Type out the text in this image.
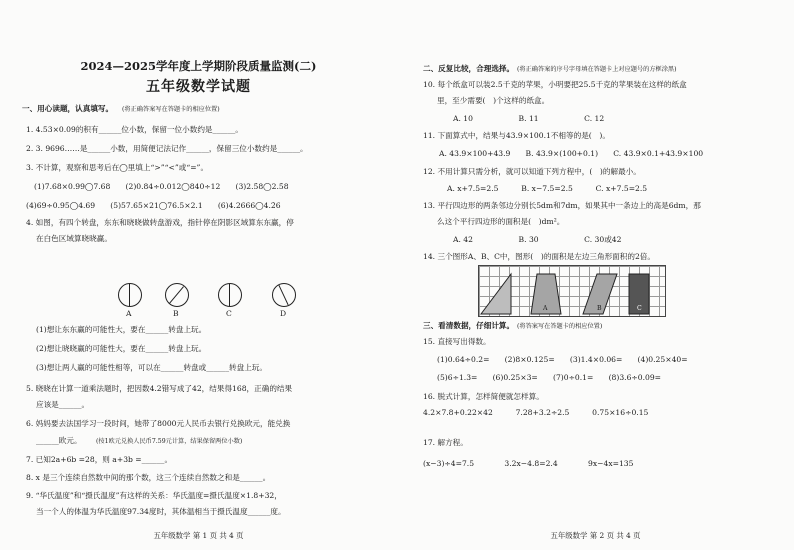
2024—2025学年度上学期阶段质量监测(二)
五年级数学试题
一、用心读题，认真填写。 (将正确答案写在答题卡的相应位置)
1. 4.53×0.09的积有______位小数，保留一位小数约是______。
2. 3. 9696……是______小数，用简便记法记作______，保留三位小数约是______。
3. 不计算，观察和思考后在◯里填上“>”“<”或“=”。
(1)7.68×0.99◯7.68　　(2)0.84÷0.012◯840÷12　　(3)2.5̇8◯2.5̇8
(4)69÷0.95◯4.69　　(5)57.65×21◯76.5×2.1　　(6)4.2666◯4.2̇6
4. 如图，有四个转盘，东东和晓晓做转盘游戏，指针停在阴影区域算东东赢，停
在白色区域算晓晓赢。
A	B	C	D
(1)想让东东赢的可能性大，要在______转盘上玩。
(2)想让晓晓赢的可能性大，要在______转盘上玩。
(3)想让两人赢的可能性相等，可以在______转盘或______转盘上玩。
5. 晓晓在计算一道乘法题时，把因数4.2错写成了42，结果得168，正确的结果
应该是______。
6. 妈妈要去法国学习一段时间，她带了8000元人民币去银行兑换欧元，能兑换
______欧元。 (按1欧元兑换人民币7.59元计算，结果保留两位小数)
7. 已知2a+6b =28，则 a+3b =______。
8. x 是三个连续自然数中间的那个数，这三个连续自然数之和是______。
9. “华氏温度”和“摄氏温度”有这样的关系：华氏温度=摄氏温度×1.8+32，
当一个人的体温为华氏温度97.34度时，其体温相当于摄氏温度______度。
五年级数学 第 1 页 共 4 页
二、反复比较，合理选择。 (将正确答案的序号字母填在答题卡上对应题号的方框涂黑)
10. 每个纸盒可以装2.5千克的苹果，小明要把25.5千克的苹果装在这样的纸盒
里，至少需要(　)个这样的纸盒。
A. 10　　　　　　B. 11　　　　　　C. 12
11. 下面算式中，结果与43.9×100.1不相等的是(　)。
A. 43.9×100+43.9　　B. 43.9×(100+0.1)　　C. 43.9×0.1+43.9×100
12. 不用计算只需分析，就可以知道下列方程中，(　)的解最小。
A. x+7.5=2.5　　　B. x−7.5=2.5　　　C. x+7.5=2.5
13. 平行四边形的两条邻边分别长5dm和7dm，如果其中一条边上的高是6dm，那
么这个平行四边形的面积是(　)dm²。
A. 42　　　　　　B. 30　　　　　　C. 30或42
14. 三个图形A、B、C中，图形(　)的面积是左边三角形面积的2倍。
A	B	C
三、看清数据，仔细计算。 (将答案写在答题卡的相应位置)
15. 直接写出得数。
(1)0.64÷0.2=　　(2)8×0.125=　　(3)1.4×0.06=　　(4)0.25×40=
(5)6÷1.3=　　(6)0.25×3=　　(7)0÷0.1=　　(8)3.6÷0.09=
16. 脱式计算，怎样简便就怎样算。
4.2×7.8+0.22×42　　　7.28+3.2÷2.5　　　0.75×16÷0.15
17. 解方程。
(x−3)÷4=7.5　　　　3.2x−4.8=2.4　　　　9x−4x=135
五年级数学 第 2 页 共 4 页
